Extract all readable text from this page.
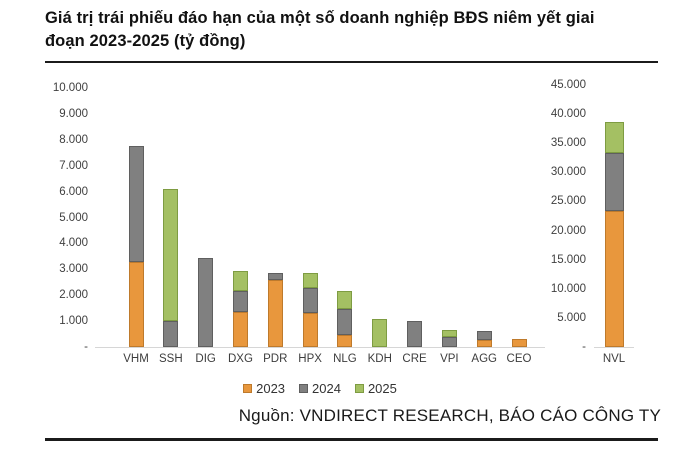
Giá trị trái phiếu đáo hạn của một số doanh nghiệp BĐS niêm yết giai đoạn 2023-2025 (tỷ đồng)
10.000
9.000
8.000
7.000
6.000
5.000
4.000
3.000
2.000
1.000
-
VHM SSH	DIG	DXG PDR HPX NLG KDH CRE	VPI	AGG CEO
45.000
40.000
35.000
30.000
25.000
20.000
15.000
10.000
5.000
-
NVL
2023 2024 2025
Nguồn: VNDIRECT RESEARCH, BÁO CÁO CÔNG TY
